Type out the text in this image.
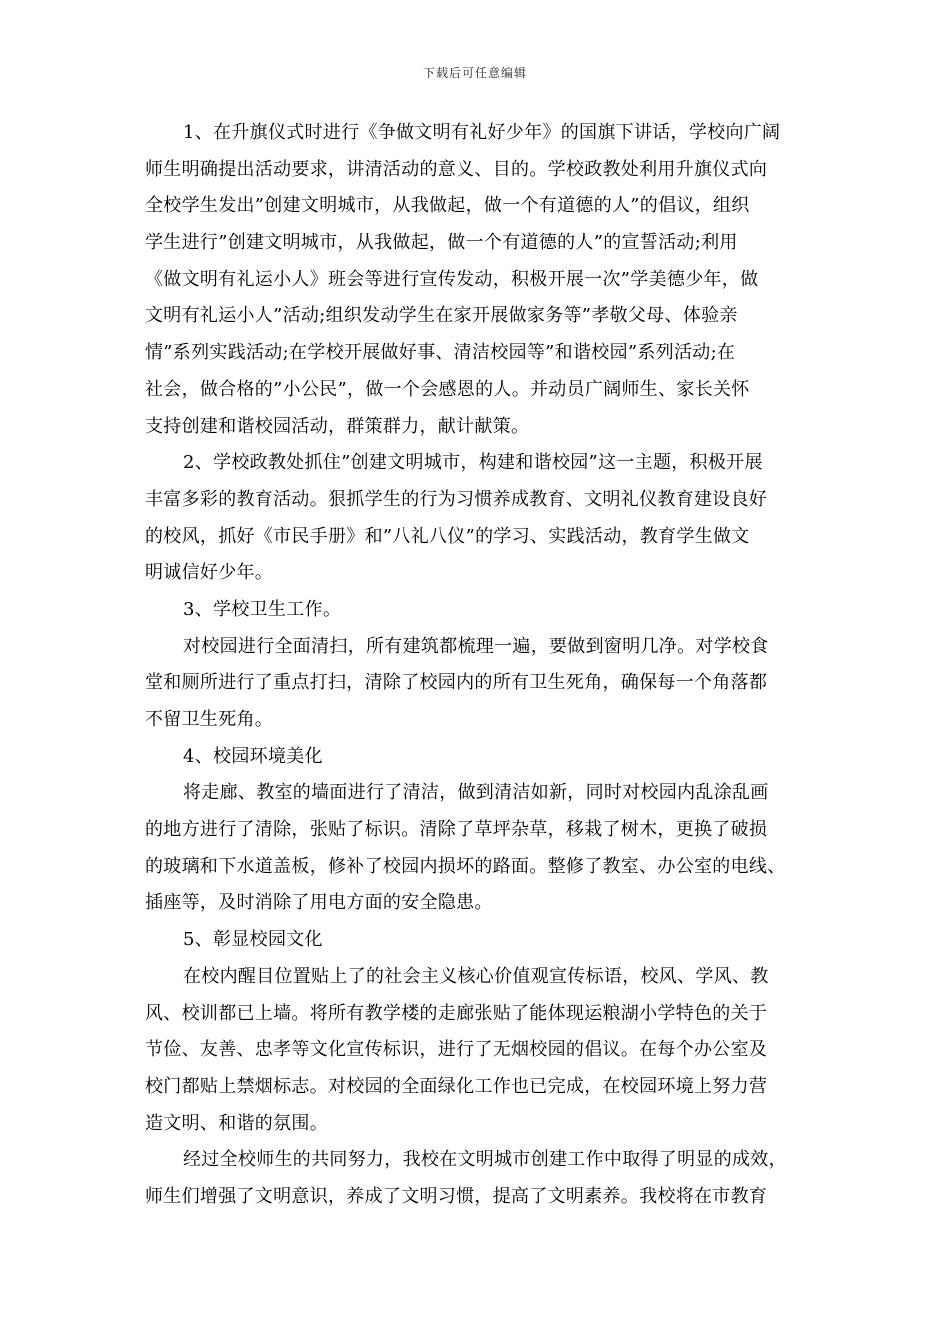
下载后可任意编辑
1、在升旗仪式时进行《争做文明有礼好少年》的国旗下讲话，学校向广阔
师生明确提出活动要求，讲清活动的意义、目的。学校政教处利用升旗仪式向
全校学生发出”创建文明城市，从我做起，做一个有道德的人”的倡议，组织
学生进行”创建文明城市，从我做起，做一个有道德的人”的宣誓活动;利用
《做文明有礼运小人》班会等进行宣传发动，积极开展一次”学美德少年，做
文明有礼运小人”活动;组织发动学生在家开展做家务等”孝敬父母、体验亲
情”系列实践活动;在学校开展做好事、清洁校园等”和谐校园”系列活动;在
社会，做合格的”小公民”，做一个会感恩的人。并动员广阔师生、家长关怀
支持创建和谐校园活动，群策群力，献计献策。
2、学校政教处抓住”创建文明城市，构建和谐校园”这一主题，积极开展
丰富多彩的教育活动。狠抓学生的行为习惯养成教育、文明礼仪教育建设良好
的校风，抓好《市民手册》和”八礼八仪”的学习、实践活动，教育学生做文
明诚信好少年。
3、学校卫生工作。
对校园进行全面清扫，所有建筑都梳理一遍，要做到窗明几净。对学校食
堂和厕所进行了重点打扫，清除了校园内的所有卫生死角，确保每一个角落都
不留卫生死角。
4、校园环境美化
将走廊、教室的墙面进行了清洁，做到清洁如新，同时对校园内乱涂乱画
的地方进行了清除，张贴了标识。清除了草坪杂草，移栽了树木，更换了破损
的玻璃和下水道盖板，修补了校园内损坏的路面。整修了教室、办公室的电线、
插座等，及时消除了用电方面的安全隐患。
5、彰显校园文化
在校内醒目位置贴上了的社会主义核心价值观宣传标语，校风、学风、教
风、校训都已上墙。将所有教学楼的走廊张贴了能体现运粮湖小学特色的关于
节俭、友善、忠孝等文化宣传标识，进行了无烟校园的倡议。在每个办公室及
校门都贴上禁烟标志。对校园的全面绿化工作也已完成，在校园环境上努力营
造文明、和谐的氛围。
经过全校师生的共同努力，我校在文明城市创建工作中取得了明显的成效，
师生们增强了文明意识，养成了文明习惯，提高了文明素养。我校将在市教育
